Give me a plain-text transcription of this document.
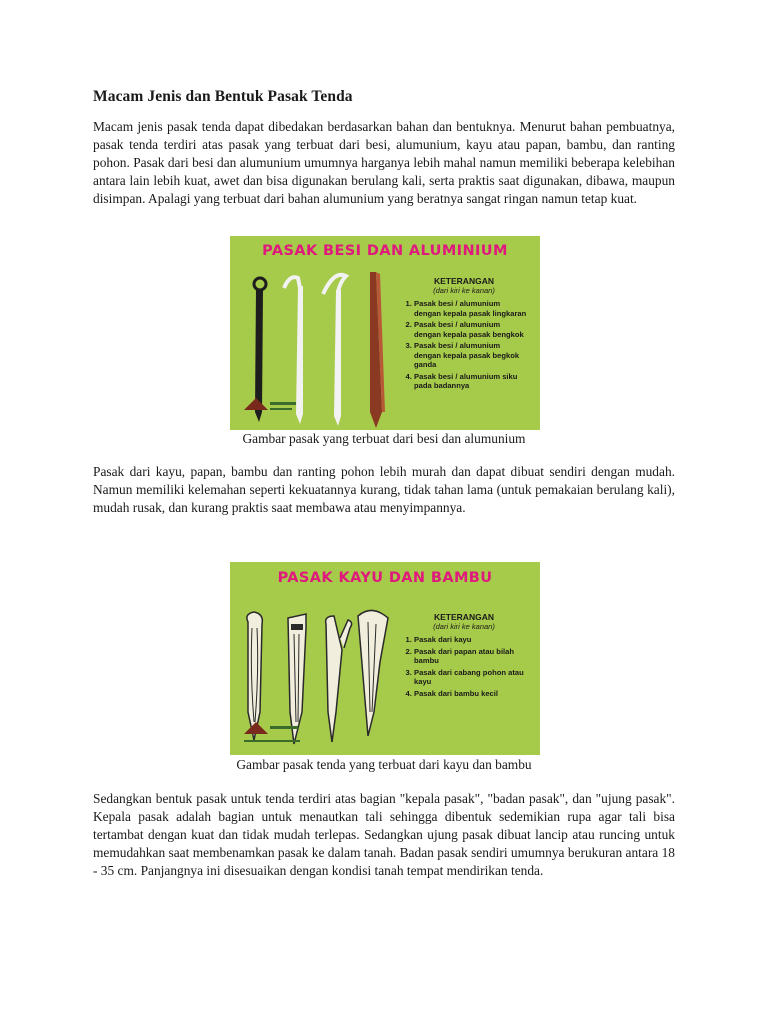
Macam Jenis dan Bentuk Pasak Tenda

Macam jenis pasak tenda dapat dibedakan berdasarkan bahan dan bentuknya. Menurut bahan pembuatnya, pasak tenda terdiri atas pasak yang terbuat dari besi, alumunium, kayu atau papan, bambu, dan ranting pohon. Pasak dari besi dan alumunium umumnya harganya lebih mahal namun memiliki beberapa kelebihan antara lain lebih kuat, awet dan bisa digunakan berulang kali, serta praktis saat digunakan, dibawa, maupun disimpan. Apalagi yang terbuat dari bahan alumunium yang beratnya sangat ringan namun tetap kuat.

PASAK BESI DAN ALUMINIUM
KETERANGAN
(dari kiri ke kanan)
1. Pasak besi / alumunium dengan kepala pasak lingkaran
2. Pasak besi / alumunium dengan kepala pasak bengkok
3. Pasak besi / alumunium dengan kepala pasak begkok ganda
4. Pasak besi / alumunium siku pada badannya
Gambar pasak yang terbuat dari besi dan alumunium

Pasak dari kayu, papan, bambu dan ranting pohon lebih murah dan dapat dibuat sendiri dengan mudah. Namun memiliki kelemahan seperti kekuatannya kurang, tidak tahan lama (untuk pemakaian berulang kali), mudah rusak, dan kurang praktis saat membawa atau menyimpannya.

PASAK KAYU DAN BAMBU
KETERANGAN
(dari kiri ke kanan)
1. Pasak dari kayu
2. Pasak dari papan atau bilah bambu
3. Pasak dari cabang pohon atau kayu
4. Pasak dari bambu kecil
Gambar pasak tenda yang terbuat dari kayu dan bambu

Sedangkan bentuk pasak untuk tenda terdiri atas bagian "kepala pasak", "badan pasak", dan "ujung pasak". Kepala pasak adalah bagian untuk menautkan tali sehingga dibentuk sedemikian rupa agar tali bisa tertambat dengan kuat dan tidak mudah terlepas. Sedangkan ujung pasak dibuat lancip atau runcing untuk memudahkan saat membenamkan pasak ke dalam tanah. Badan pasak sendiri umumnya berukuran antara 18 - 35 cm. Panjangnya ini disesuaikan dengan kondisi tanah tempat mendirikan tenda.
